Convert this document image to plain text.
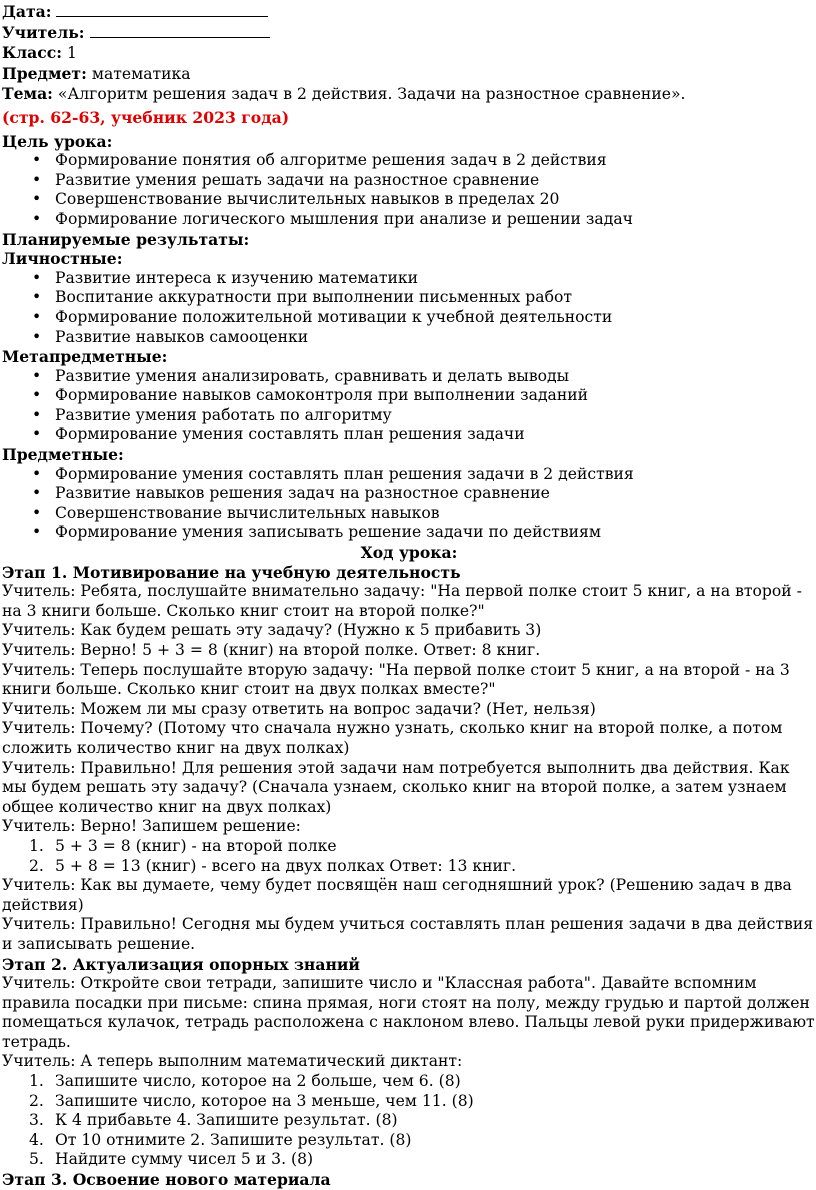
Дата:

Учитель:

Класс: 1

Предмет: математика

Тема: «Алгоритм решения задач в 2 действия. Задачи на разностное сравнение».

(стр. 62-63, учебник 2023 года)

Цель урока:

• Формирование понятия об алгоритме решения задач в 2 действия
• Развитие умения решать задачи на разностное сравнение
• Совершенствование вычислительных навыков в пределах 20
• Формирование логического мышления при анализе и решении задач

Планируемые результаты:

Личностные:

• Развитие интереса к изучению математики
• Воспитание аккуратности при выполнении письменных работ
• Формирование положительной мотивации к учебной деятельности
• Развитие навыков самооценки

Метапредметные:

• Развитие умения анализировать, сравнивать и делать выводы
• Формирование навыков самоконтроля при выполнении заданий
• Развитие умения работать по алгоритму
• Формирование умения составлять план решения задачи

Предметные:

• Формирование умения составлять план решения задачи в 2 действия
• Развитие навыков решения задач на разностное сравнение
• Совершенствование вычислительных навыков
• Формирование умения записывать решение задачи по действиям

Ход урока:

Этап 1. Мотивирование на учебную деятельность

Учитель: Ребята, послушайте внимательно задачу: "На первой полке стоит 5 книг, а на второй - на 3 книги больше. Сколько книг стоит на второй полке?"

Учитель: Как будем решать эту задачу? (Нужно к 5 прибавить 3)

Учитель: Верно! 5 + 3 = 8 (книг) на второй полке. Ответ: 8 книг.

Учитель: Теперь послушайте вторую задачу: "На первой полке стоит 5 книг, а на второй - на 3 книги больше. Сколько книг стоит на двух полках вместе?"

Учитель: Можем ли мы сразу ответить на вопрос задачи? (Нет, нельзя)

Учитель: Почему? (Потому что сначала нужно узнать, сколько книг на второй полке, а потом сложить количество книг на двух полках)

Учитель: Правильно! Для решения этой задачи нам потребуется выполнить два действия. Как мы будем решать эту задачу? (Сначала узнаем, сколько книг на второй полке, а затем узнаем общее количество книг на двух полках)

Учитель: Верно! Запишем решение:

1. 5 + 3 = 8 (книг) - на второй полке
2. 5 + 8 = 13 (книг) - всего на двух полках Ответ: 13 книг.

Учитель: Как вы думаете, чему будет посвящён наш сегодняшний урок? (Решению задач в два действия)

Учитель: Правильно! Сегодня мы будем учиться составлять план решения задачи в два действия и записывать решение.

Этап 2. Актуализация опорных знаний

Учитель: Откройте свои тетради, запишите число и "Классная работа". Давайте вспомним правила посадки при письме: спина прямая, ноги стоят на полу, между грудью и партой должен помещаться кулачок, тетрадь расположена с наклоном влево. Пальцы левой руки придерживают тетрадь.

Учитель: А теперь выполним математический диктант:

1. Запишите число, которое на 2 больше, чем 6. (8)
2. Запишите число, которое на 3 меньше, чем 11. (8)
3. К 4 прибавьте 4. Запишите результат. (8)
4. От 10 отнимите 2. Запишите результат. (8)
5. Найдите сумму чисел 5 и 3. (8)

Этап 3. Освоение нового материала
